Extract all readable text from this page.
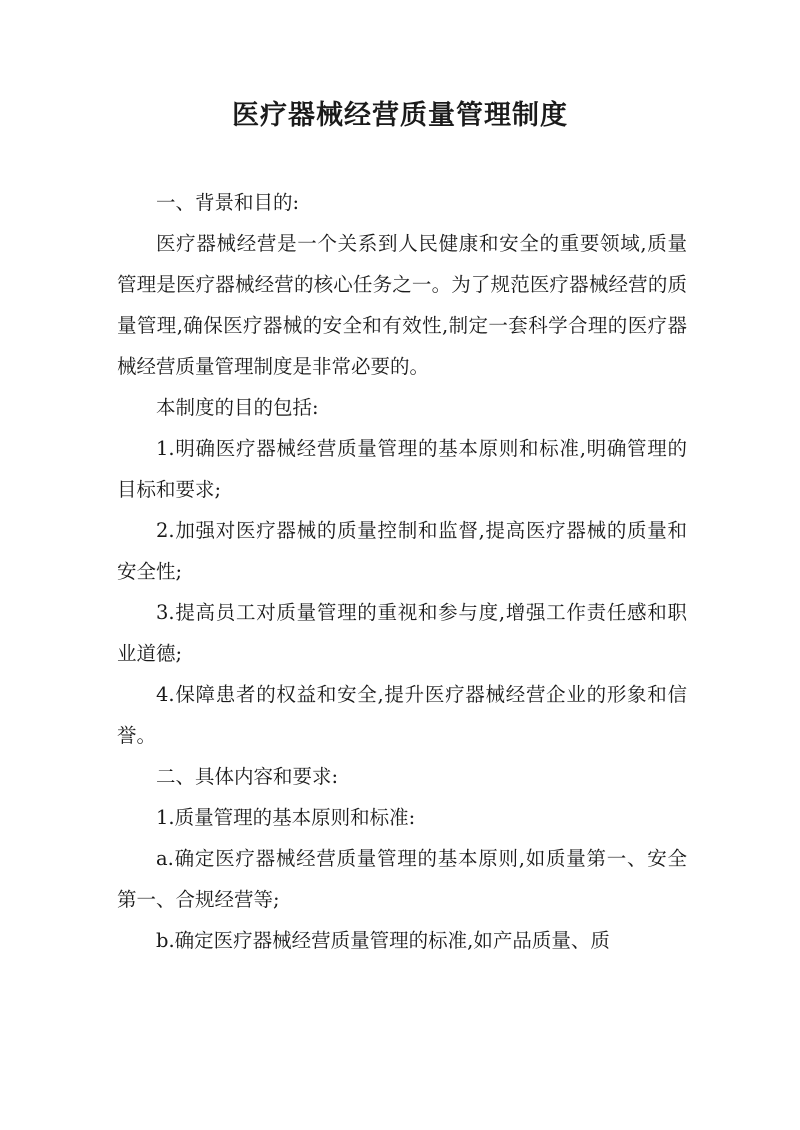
医疗器械经营质量管理制度

一、背景和目的:

医疗器械经营是一个关系到人民健康和安全的重要领域,质量管理是医疗器械经营的核心任务之一。为了规范医疗器械经营的质量管理,确保医疗器械的安全和有效性,制定一套科学合理的医疗器械经营质量管理制度是非常必要的。

本制度的目的包括:

1.明确医疗器械经营质量管理的基本原则和标准,明确管理的目标和要求;

2.加强对医疗器械的质量控制和监督,提高医疗器械的质量和安全性;

3.提高员工对质量管理的重视和参与度,增强工作责任感和职业道德;

4.保障患者的权益和安全,提升医疗器械经营企业的形象和信誉。

二、具体内容和要求:

1.质量管理的基本原则和标准:

a.确定医疗器械经营质量管理的基本原则,如质量第一、安全第一、合规经营等;

b.确定医疗器械经营质量管理的标准,如产品质量、质
